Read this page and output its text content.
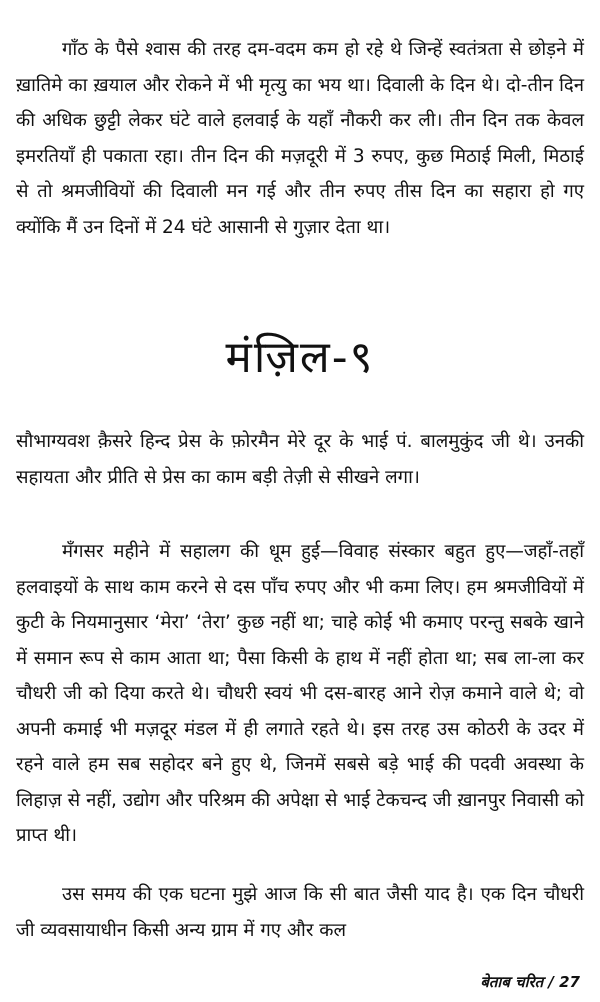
गाँठ के पैसे श्वास की तरह दम-वदम कम हो रहे थे जिन्हें स्वतंत्रता से छोड़ने में ख़ातिमे का ख़याल और रोकने में भी मृत्यु का भय था। दिवाली के दिन थे। दो-तीन दिन की अधिक छुट्टी लेकर घंटे वाले हलवाई के यहाँ नौकरी कर ली। तीन दिन तक केवल इमरतियाँ ही पकाता रहा। तीन दिन की मज़दूरी में 3 रुपए, कुछ मिठाई मिली, मिठाई से तो श्रमजीवियों की दिवाली मन गई और तीन रुपए तीस दिन का सहारा हो गए क्योंकि मैं उन दिनों में 24 घंटे आसानी से गुज़ार देता था।

मंज़िल-९

सौभाग्यवश क़ैसरे हिन्द प्रेस के फ़ोरमैन मेरे दूर के भाई पं. बालमुकुंद जी थे। उनकी सहायता और प्रीति से प्रेस का काम बड़ी तेज़ी से सीखने लगा।

मँगसर महीने में सहालग की धूम हुई—विवाह संस्कार बहुत हुए—जहाँ-तहाँ हलवाइयों के साथ काम करने से दस पाँच रुपए और भी कमा लिए। हम श्रमजीवियों में कुटी के नियमानुसार ‘मेरा’ ‘तेरा’ कुछ नहीं था; चाहे कोई भी कमाए परन्तु सबके खाने में समान रूप से काम आता था; पैसा किसी के हाथ में नहीं होता था; सब ला-ला कर चौधरी जी को दिया करते थे। चौधरी स्वयं भी दस-बारह आने रोज़ कमाने वाले थे; वो अपनी कमाई भी मज़दूर मंडल में ही लगाते रहते थे। इस तरह उस कोठरी के उदर में रहने वाले हम सब सहोदर बने हुए थे, जिनमें सबसे बड़े भाई की पदवी अवस्था के लिहाज़ से नहीं, उद्योग और परिश्रम की अपेक्षा से भाई टेकचन्द जी ख़ानपुर निवासी को प्राप्त थी।

उस समय की एक घटना मुझे आज कि सी बात जैसी याद है। एक दिन चौधरी जी व्यवसायाधीन किसी अन्य ग्राम में गए और कल

बेताब चरित / 27
